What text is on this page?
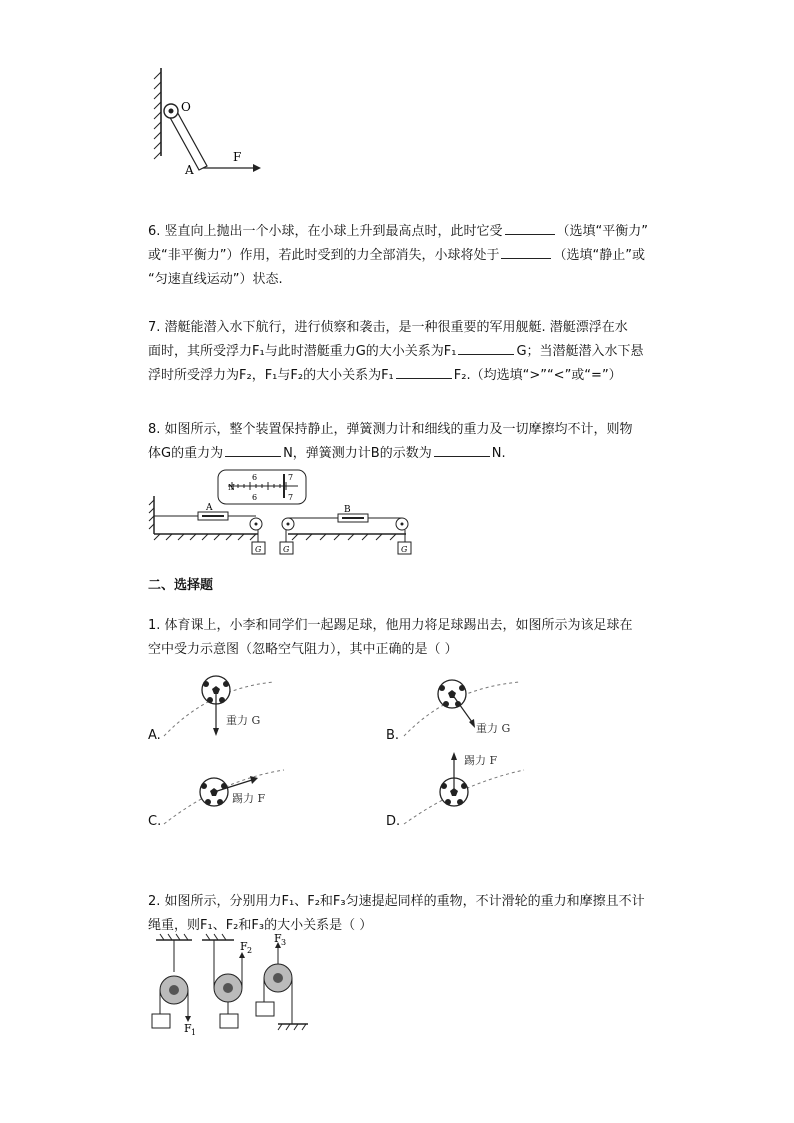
O
A
F
6. 竖直向上抛出一个小球，在小球上升到最高点时，此时它受	（选填“平衡力”
或“非平衡力”）作用，若此时受到的力全部消失，小球将处于	（选填“静止”或
“匀速直线运动”）状态.
7. 潜艇能潜入水下航行，进行侦察和袭击，是一种很重要的军用舰艇. 潜艇漂浮在水
面时，其所受浮力F₁与此时潜艇重力G的大小关系为F₁	G；当潜艇潜入水下悬
浮时所受浮力为F₂，F₁与F₂的大小关系为F₁	F₂.（均选填“>”“<”或“=”）
8. 如图所示，整个装置保持静止，弹簧测力计和细线的重力及一切摩擦均不计，则物
体G的重力为	N，弹簧测力计B的示数为	N.
A
G
N
6
6
7
7
B
G	G
二、选择题
1. 体育课上，小李和同学们一起踢足球，他用力将足球踢出去，如图所示为该足球在
空中受力示意图（忽略空气阻力），其中正确的是（ ）
重力 G
A.	重力 G
B.
踢力 F
C.
踢力 F
D.
2. 如图所示，分别用力F₁、F₂和F₃匀速提起同样的重物，不计滑轮的重力和摩擦且不计
绳重，则F₁、F₂和F₃的大小关系是（ ）
F 1
F 2
F 3
